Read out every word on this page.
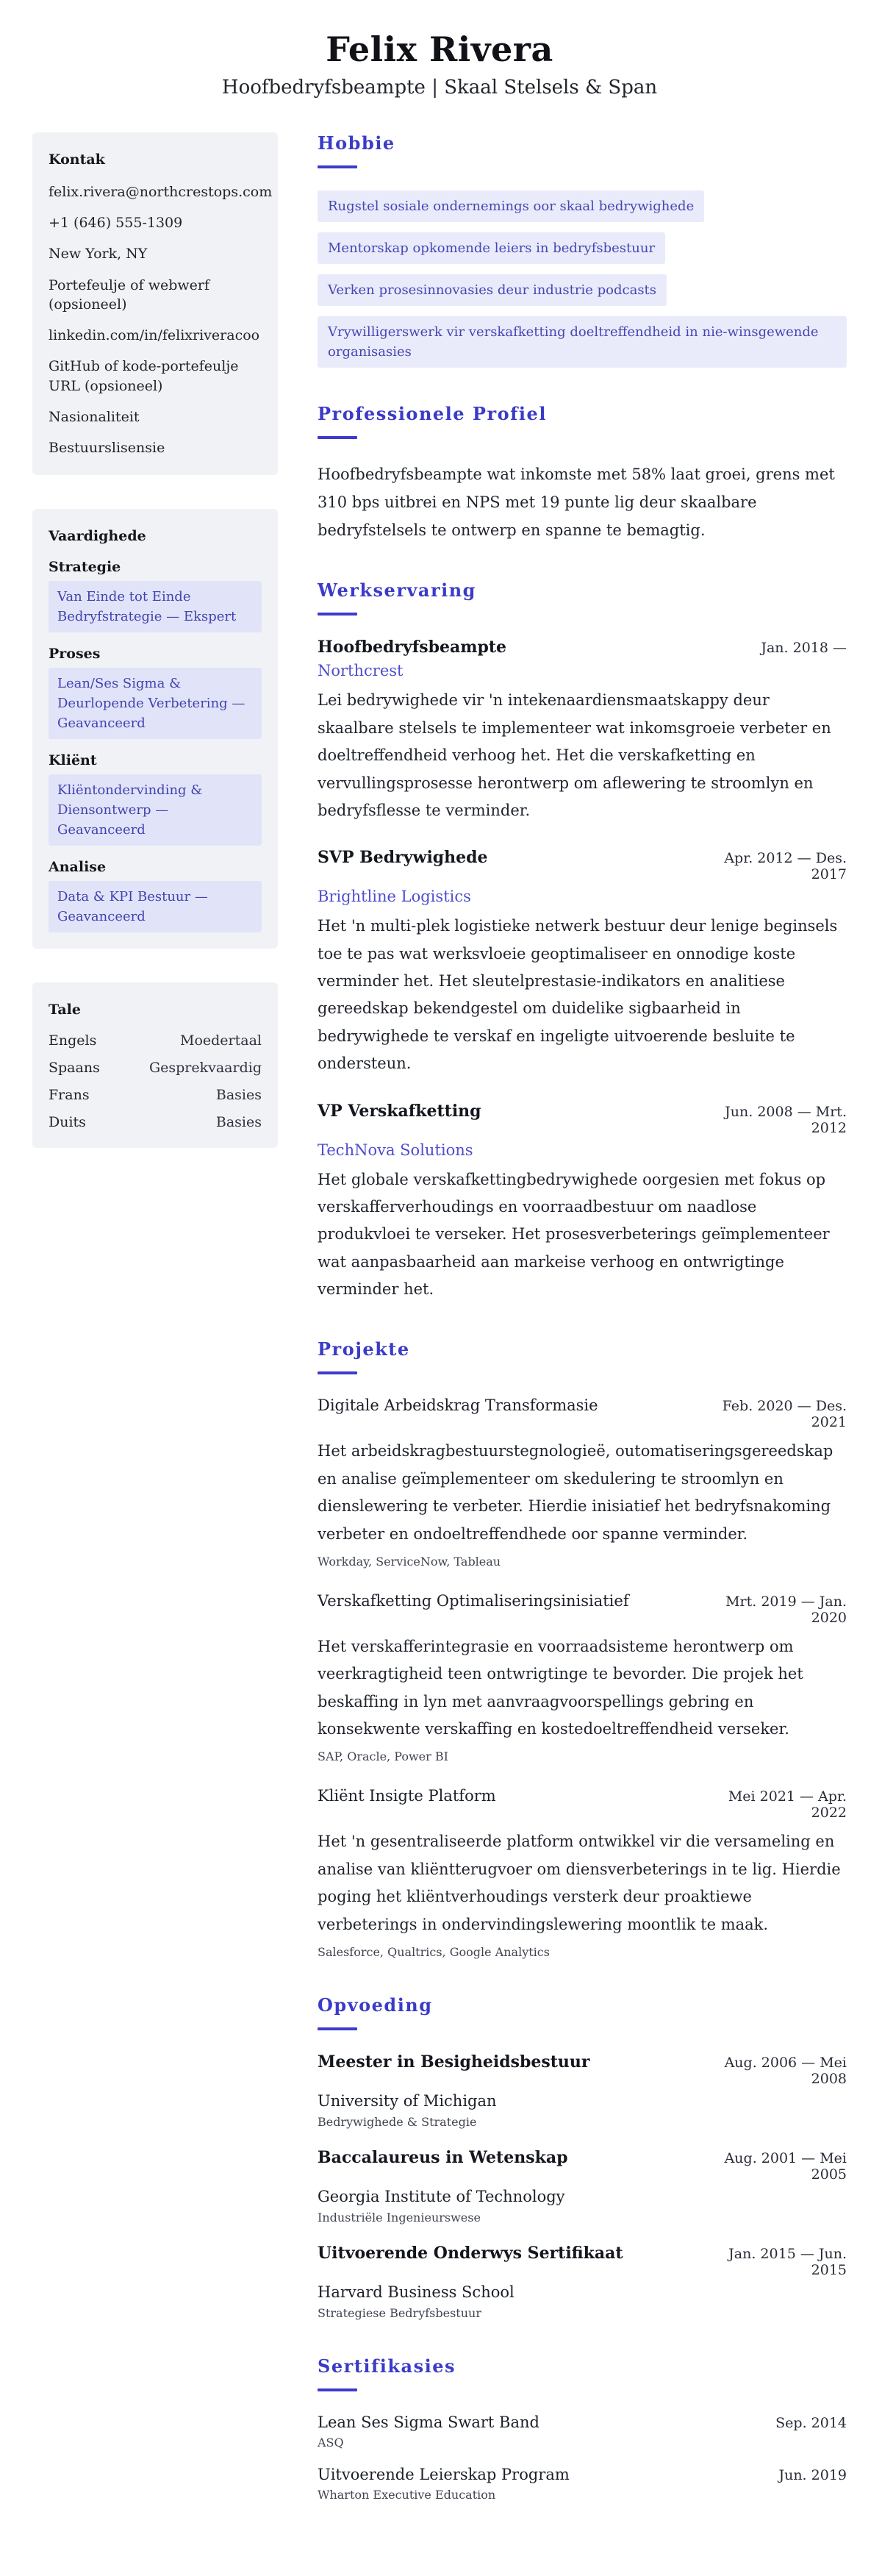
Felix Rivera
Hoofbedryfsbeampte | Skaal Stelsels & Span
Kontak
felix.rivera@northcrestops.com
+1 (646) 555-1309
New York, NY
Portefeulje of webwerf (opsioneel)
linkedin.com/in/felixriveracoo
GitHub of kode-portefeulje URL (opsioneel)
Nasionaliteit
Bestuurslisensie
Vaardighede
Strategie
Van Einde tot Einde Bedryfstrategie — Ekspert
Proses
Lean/Ses Sigma & Deurlopende Verbetering — Geavanceerd
Kliënt
Kliëntondervinding & Diensontwerp — Geavanceerd
Analise
Data & KPI Bestuur — Geavanceerd
Tale
Engels	Moedertaal
Spaans	Gesprekvaardig
Frans	Basies
Duits	Basies
Hobbie
Rugstel sosiale ondernemings oor skaal bedrywighede
Mentorskap opkomende leiers in bedryfsbestuur
Verken prosesinnovasies deur industrie podcasts
Vrywilligerswerk vir verskafketting doeltreffendheid in nie-winsgewende organisasies
Professionele Profiel

Hoofbedryfsbeampte wat inkomste met 58% laat groei, grens met 310 bps uitbrei en NPS met 19 punte lig deur skaalbare bedryfstelsels te ontwerp en spanne te bemagtig.

Werkservaring
Hoofbedryfsbeampte	Jan. 2018 —
Northcrest

Lei bedrywighede vir 'n intekenaardiensmaatskappy deur skaalbare stelsels te implementeer wat inkomsgroeie verbeter en doeltreffendheid verhoog het. Het die verskafketting en vervullingsprosesse herontwerp om aflewering te stroomlyn en bedryfsflesse te verminder.

SVP Bedrywighede	Apr. 2012 — Des. 2017
Brightline Logistics

Het 'n multi-plek logistieke netwerk bestuur deur lenige beginsels toe te pas wat werksvloeie geoptimaliseer en onnodige koste verminder het. Het sleutelprestasie-indikators en analitiese gereedskap bekendgestel om duidelike sigbaarheid in bedrywighede te verskaf en ingeligte uitvoerende besluite te ondersteun.

VP Verskafketting	Jun. 2008 — Mrt. 2012
TechNova Solutions

Het globale verskafkettingbedrywighede oorgesien met fokus op verskafferverhoudings en voorraadbestuur om naadlose produkvloei te verseker. Het prosesverbeterings geïmplementeer wat aanpasbaarheid aan markeise verhoog en ontwrigtinge verminder het.

Projekte
Digitale Arbeidskrag Transformasie	Feb. 2020 — Des. 2021

Het arbeidskragbestuurstegnologieë, outomatiseringsgereedskap en analise geïmplementeer om skedulering te stroomlyn en dienslewering te verbeter. Hierdie inisiatief het bedryfsnakoming verbeter en ondoeltreffendhede oor spanne verminder.

Workday, ServiceNow, Tableau
Verskafketting Optimaliseringsinisiatief	Mrt. 2019 — Jan. 2020

Het verskafferintegrasie en voorraadsisteme herontwerp om veerkragtigheid teen ontwrigtinge te bevorder. Die projek het beskaffing in lyn met aanvraagvoorspellings gebring en konsekwente verskaffing en kostedoeltreffendheid verseker.

SAP, Oracle, Power BI
Kliënt Insigte Platform	Mei 2021 — Apr. 2022

Het 'n gesentraliseerde platform ontwikkel vir die versameling en analise van kliëntterugvoer om diensverbeterings in te lig. Hierdie poging het kliëntverhoudings versterk deur proaktiewe verbeterings in ondervindingslewering moontlik te maak.

Salesforce, Qualtrics, Google Analytics
Opvoeding
Meester in Besigheidsbestuur	Aug. 2006 — Mei 2008
University of Michigan
Bedrywighede & Strategie
Baccalaureus in Wetenskap	Aug. 2001 — Mei 2005
Georgia Institute of Technology
Industriële Ingenieurswese
Uitvoerende Onderwys Sertifikaat	Jan. 2015 — Jun. 2015
Harvard Business School
Strategiese Bedryfsbestuur
Sertifikasies
Lean Ses Sigma Swart Band	Sep. 2014
ASQ
Uitvoerende Leierskap Program	Jun. 2019
Wharton Executive Education
